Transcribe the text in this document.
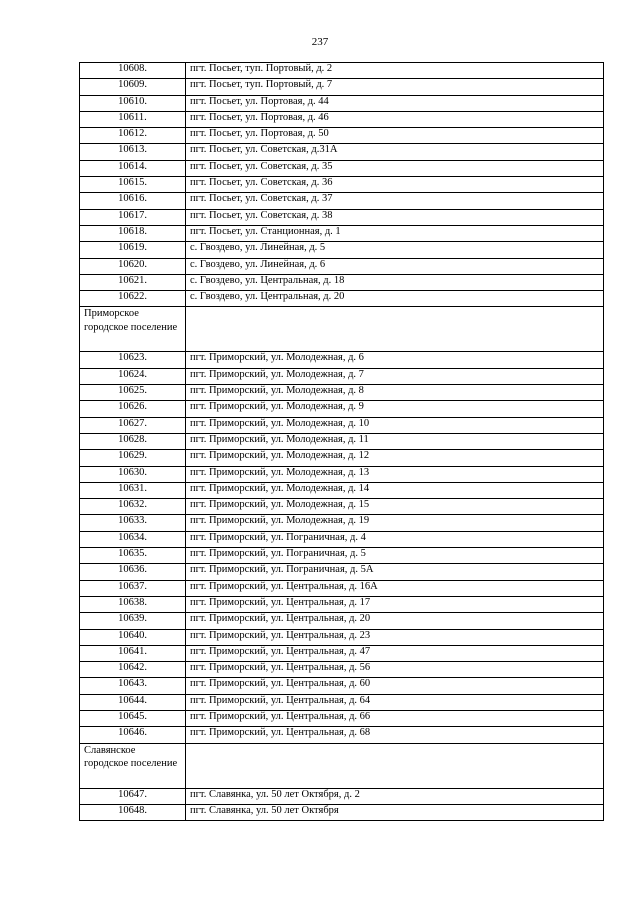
237
10608.	пгт. Посьет, туп. Портовый, д. 2
10609.	пгт. Посьет, туп. Портовый, д. 7
10610.	пгт. Посьет, ул. Портовая, д. 44
10611.	пгт. Посьет, ул. Портовая, д. 46
10612.	пгт. Посьет, ул. Портовая, д. 50
10613.	пгт. Посьет, ул. Советская, д.31А
10614.	пгт. Посьет, ул. Советская, д. 35
10615.	пгт. Посьет, ул. Советская, д. 36
10616.	пгт. Посьет, ул. Советская, д. 37
10617.	пгт. Посьет, ул. Советская, д. 38
10618.	пгт. Посьет, ул. Станционная, д. 1
10619.	с. Гвоздево, ул. Линейная, д. 5
10620.	с. Гвоздево, ул. Линейная, д. 6
10621.	с. Гвоздево, ул. Центральная, д. 18
10622.	с. Гвоздево, ул. Центральная, д. 20
Приморское городское поселение	
10623.	пгт. Приморский, ул. Молодежная, д. 6
10624.	пгт. Приморский, ул. Молодежная, д. 7
10625.	пгт. Приморский, ул. Молодежная, д. 8
10626.	пгт. Приморский, ул. Молодежная, д. 9
10627.	пгт. Приморский, ул. Молодежная, д. 10
10628.	пгт. Приморский, ул. Молодежная, д. 11
10629.	пгт. Приморский, ул. Молодежная, д. 12
10630.	пгт. Приморский, ул. Молодежная, д. 13
10631.	пгт. Приморский, ул. Молодежная, д. 14
10632.	пгт. Приморский, ул. Молодежная, д. 15
10633.	пгт. Приморский, ул. Молодежная, д. 19
10634.	пгт. Приморский, ул. Пограничная, д. 4
10635.	пгт. Приморский, ул. Пограничная, д. 5
10636.	пгт. Приморский, ул. Пограничная, д. 5А
10637.	пгт. Приморский, ул. Центральная, д. 16А
10638.	пгт. Приморский, ул. Центральная, д. 17
10639.	пгт. Приморский, ул. Центральная, д. 20
10640.	пгт. Приморский, ул. Центральная, д. 23
10641.	пгт. Приморский, ул. Центральная, д. 47
10642.	пгт. Приморский, ул. Центральная, д. 56
10643.	пгт. Приморский, ул. Центральная, д. 60
10644.	пгт. Приморский, ул. Центральная, д. 64
10645.	пгт. Приморский, ул. Центральная, д. 66
10646.	пгт. Приморский, ул. Центральная, д. 68
Славянское городское поселение	
10647.	пгт. Славянка, ул. 50 лет Октября, д. 2
10648.	пгт. Славянка, ул. 50 лет Октября
